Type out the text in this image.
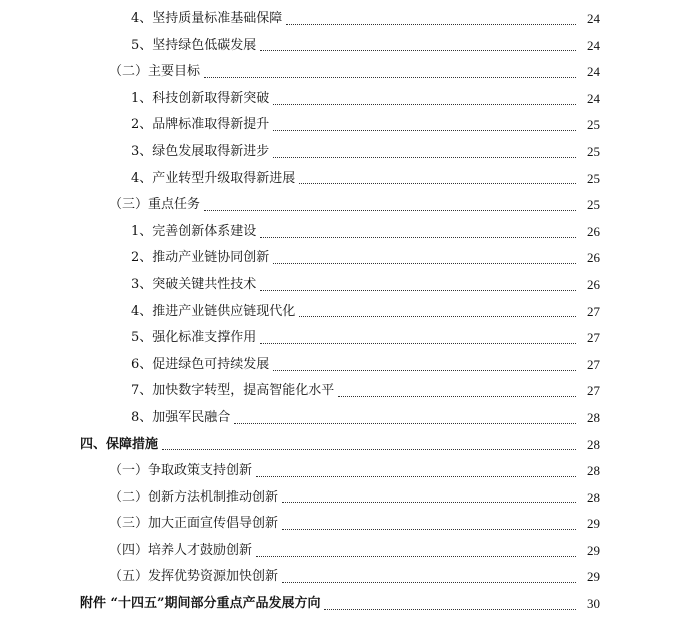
4、坚持质量标准基础保障	24
5、坚持绿色低碳发展	24
（二）主要目标	24
1、科技创新取得新突破	24
2、品牌标准取得新提升	25
3、绿色发展取得新进步	25
4、产业转型升级取得新进展	25
（三）重点任务	25
1、完善创新体系建设	26
2、推动产业链协同创新	26
3、突破关键共性技术	26
4、推进产业链供应链现代化	27
5、强化标准支撑作用	27
6、促进绿色可持续发展	27
7、加快数字转型，提高智能化水平	27
8、加强军民融合	28
四、保障措施	28
（一）争取政策支持创新	28
（二）创新方法机制推动创新	28
（三）加大正面宣传倡导创新	29
（四）培养人才鼓励创新	29
（五）发挥优势资源加快创新	29
附件 “十四五”期间部分重点产品发展方向	30
